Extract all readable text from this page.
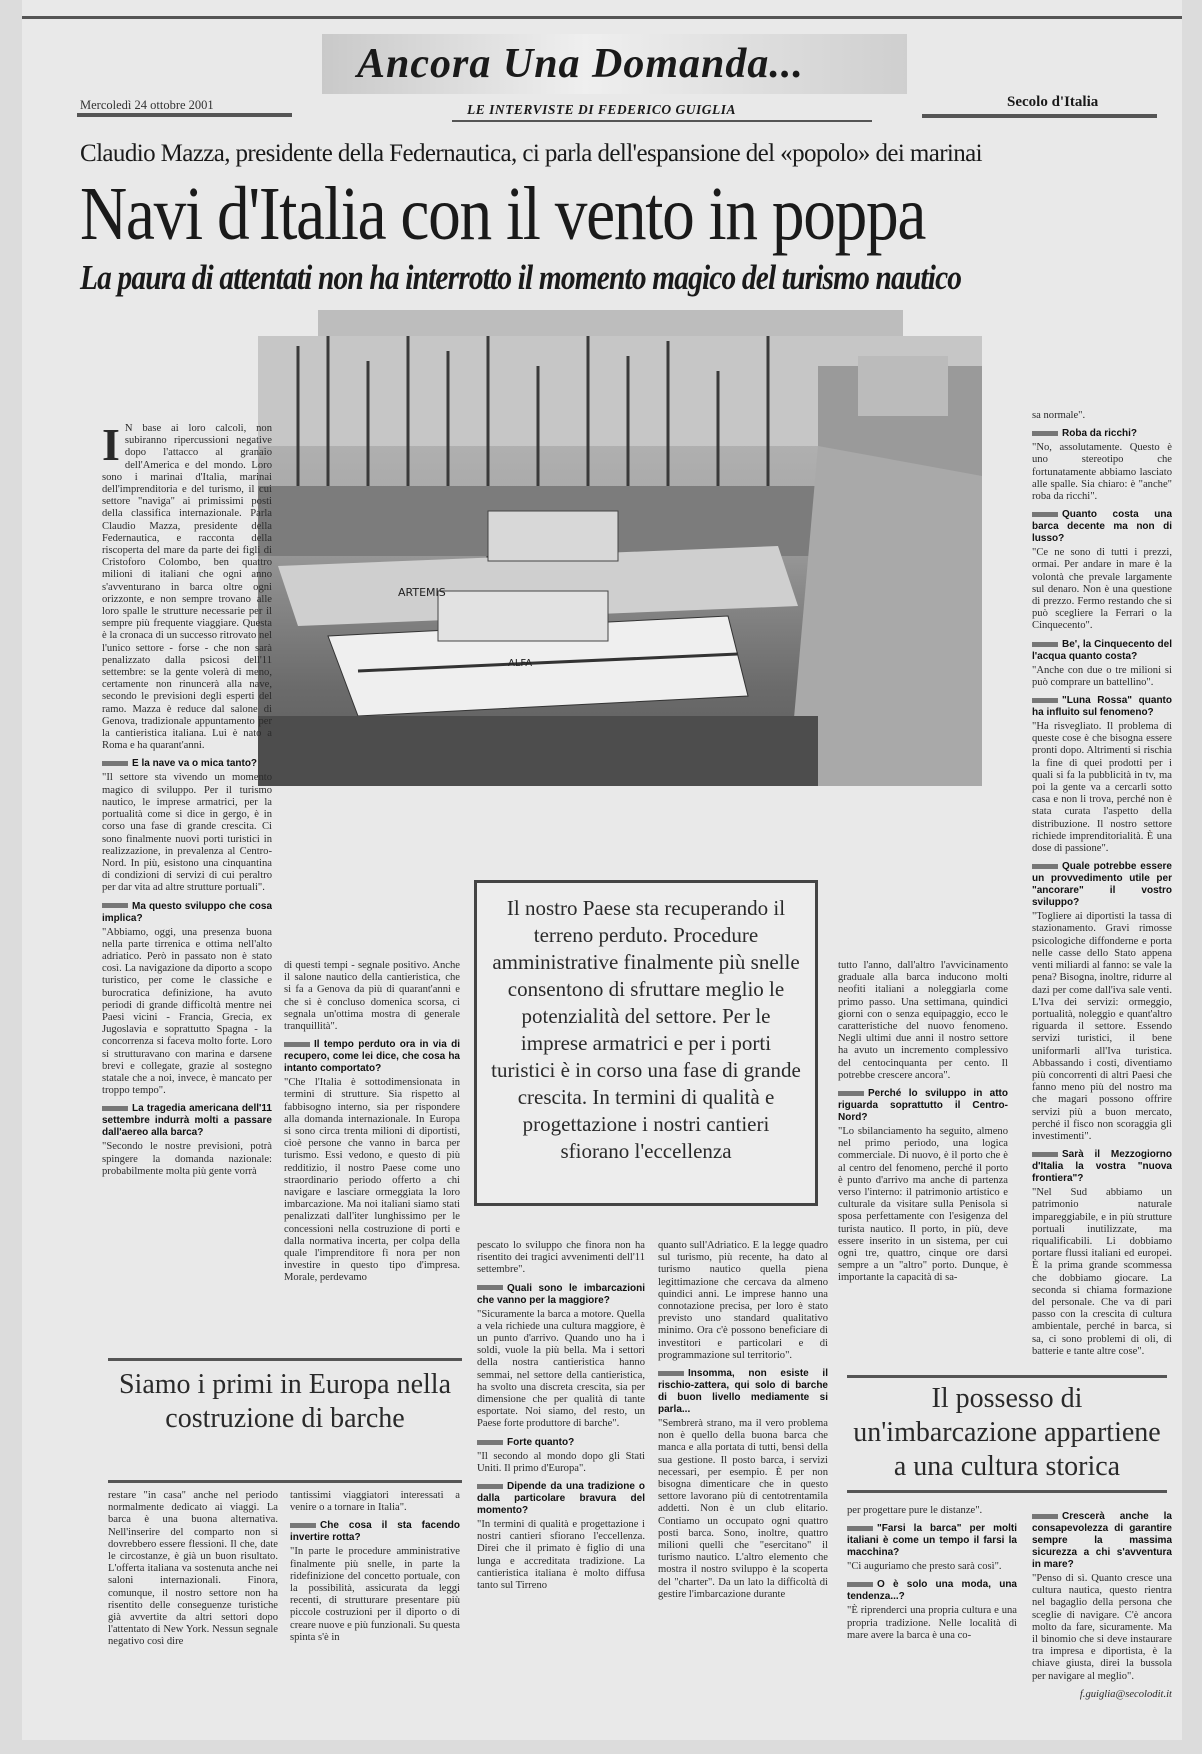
Mercoledì 24 ottobre 2001
Ancora Una Domanda...
LE INTERVISTE DI FEDERICO GUIGLIA	Secolo d'Italia
Claudio Mazza, presidente della Federnautica, ci parla dell'espansione del «popolo» dei marinai
Navi d'Italia con il vento in poppa
La paura di attentati non ha interrotto il momento magico del turismo nautico
ARTEMIS
ALFA
Il nostro Paese sta recuperando il terreno perduto. Procedure amministrative finalmente più snelle consentono di sfruttare meglio le potenzialità del settore. Per le imprese armatrici e per i porti turistici è in corso una fase di grande crescita. In termini di qualità e progettazione i nostri cantieri sfiorano l'eccellenza
Siamo i primi in Europa nella costruzione di barche
Il possesso di un'imbarcazione appartiene a una cultura storica

I N base ai loro calcoli, non subiranno ripercussioni negative dopo l'attacco al granaio dell'America e del mondo. Loro sono i marinai d'Italia, marinai dell'imprenditoria e del turismo, il cui settore "naviga" ai primissimi posti della classifica internazionale. Parla Claudio Mazza, presidente della Federnautica, e racconta della riscoperta del mare da parte dei figli di Cristoforo Colombo, ben quattro milioni di italiani che ogni anno s'avventurano in barca oltre ogni orizzonte, e non sempre trovano alle loro spalle le strutture necessarie per il sempre più frequente viaggiare. Questa è la cronaca di un successo ritrovato nel l'unico settore - forse - che non sarà penalizzato dalla psicosi dell'11 settembre: se la gente volerà di meno, certamente non rinuncerà alla nave, secondo le previsioni degli esperti del ramo. Mazza è reduce dal salone di Genova, tradizionale appuntamento per la cantieristica italiana. Lui è nato a Roma e ha quarant'anni.

E la nave va o mica tanto?

"Il settore sta vivendo un momento magico di sviluppo. Per il turismo nautico, le imprese armatrici, per la portualità come si dice in gergo, è in corso una fase di grande crescita. Ci sono finalmente nuovi porti turistici in realizzazione, in prevalenza al Centro-Nord. In più, esistono una cinquantina di condizioni di servizi di cui peraltro per dar vita ad altre strutture portuali".

Ma questo sviluppo che cosa implica?

"Abbiamo, oggi, una presenza buona nella parte tirrenica e ottima nell'alto adriatico. Però in passato non è stato così. La navigazione da diporto a scopo turistico, per come le classiche e burocratica definizione, ha avuto periodi di grande difficoltà mentre nei Paesi vicini - Francia, Grecia, ex Jugoslavia e soprattutto Spagna - la concorrenza si faceva molto forte. Loro si strutturavano con marina e darsene brevi e collegate, grazie al sostegno statale che a noi, invece, è mancato per troppo tempo".

La tragedia americana dell'11 settembre indurrà molti a passare dall'aereo alla barca?

"Secondo le nostre previsioni, potrà spingere la domanda nazionale: probabilmente molta più gente vorrà

restare "in casa" anche nel periodo normalmente dedicato ai viaggi. La barca è una buona alternativa. Nell'inserire del comparto non si dovrebbero essere flessioni. Il che, date le circostanze, è già un buon risultato. L'offerta italiana va sostenuta anche nei saloni internazionali. Finora, comunque, il nostro settore non ha risentito delle conseguenze turistiche già avvertite da altri settori dopo l'attentato di New York. Nessun segnale negativo così dire

di questi tempi - segnale positivo. Anche il salone nautico della cantieristica, che si fa a Genova da più di quarant'anni e che si è concluso domenica scorsa, ci segnala un'ottima mostra di generale tranquillità".

Il tempo perduto ora in via di recupero, come lei dice, che cosa ha intanto comportato?

"Che l'Italia è sottodimensionata in termini di strutture. Sia rispetto al fabbisogno interno, sia per rispondere alla domanda internazionale. In Europa si sono circa trenta milioni di diportisti, cioè persone che vanno in barca per turismo. Essi vedono, e questo di più redditizio, il nostro Paese come uno straordinario periodo offerto a chi navigare e lasciare ormeggiata la loro imbarcazione. Ma noi italiani siamo stati penalizzati dall'iter lunghissimo per le concessioni nella costruzione di porti e dalla normativa incerta, per colpa della quale l'imprenditore fi nora per non investire in questo tipo d'impresa. Morale, perdevamo

tantissimi viaggiatori interessati a venire o a tornare in Italia".

Che cosa il sta facendo invertire rotta?

"In parte le procedure amministrative finalmente più snelle, in parte la ridefinizione del concetto portuale, con la possibilità, assicurata da leggi recenti, di strutturare presentare più piccole costruzioni per il diporto o di creare nuove e più funzionali. Su questa spinta s'è in

pescato lo sviluppo che finora non ha risentito dei tragici avvenimenti dell'11 settembre".

Quali sono le imbarcazioni che vanno per la maggiore?

"Sicuramente la barca a motore. Quella a vela richiede una cultura maggiore, è un punto d'arrivo. Quando uno ha i soldi, vuole la più bella. Ma i settori della nostra cantieristica hanno semmai, nel settore della cantieristica, ha svolto una discreta crescita, sia per dimensione che per qualità di tante esportate. Noi siamo, del resto, un Paese forte produttore di barche".

Forte quanto?

"Il secondo al mondo dopo gli Stati Uniti. Il primo d'Europa".

Dipende da una tradizione o dalla particolare bravura del momento?

"In termini di qualità e progettazione i nostri cantieri sfiorano l'eccellenza. Direi che il primato è figlio di una lunga e accreditata tradizione. La cantieristica italiana è molto diffusa tanto sul Tirreno

quanto sull'Adriatico. E la legge quadro sul turismo, più recente, ha dato al turismo nautico quella piena legittimazione che cercava da almeno quindici anni. Le imprese hanno una connotazione precisa, per loro è stato previsto uno standard qualitativo minimo. Ora c'è possono beneficiare di investitori e particolari e di programmazione sul territorio".

Insomma, non esiste il rischio-zattera, qui solo di barche di buon livello mediamente si parla...

"Sembrerà strano, ma il vero problema non è quello della buona barca che manca e alla portata di tutti, bensì della sua gestione. Il posto barca, i servizi necessari, per esempio. È per non bisogna dimenticare che in questo settore lavorano più di centotrentamila addetti. Non è un club elitario. Contiamo un occupato ogni quattro posti barca. Sono, inoltre, quattro milioni quelli che "esercitano" il turismo nautico. L'altro elemento che mostra il nostro sviluppo è la scoperta del "charter". Da un lato la difficoltà di gestire l'imbarcazione durante

tutto l'anno, dall'altro l'avvicinamento graduale alla barca inducono molti neofiti italiani a noleggiarla come primo passo. Una settimana, quindici giorni con o senza equipaggio, ecco le caratteristiche del nuovo fenomeno. Negli ultimi due anni il nostro settore ha avuto un incremento complessivo del centocinquanta per cento. Il potrebbe crescere ancora".

Perché lo sviluppo in atto riguarda soprattutto il Centro-Nord?

"Lo sbilanciamento ha seguito, almeno nel primo periodo, una logica commerciale. Di nuovo, è il porto che è al centro del fenomeno, perché il porto è punto d'arrivo ma anche di partenza verso l'interno: il patrimonio artistico e culturale da visitare sulla Penisola si sposa perfettamente con l'esigenza del turista nautico. Il porto, in più, deve essere inserito in un sistema, per cui ogni tre, quattro, cinque ore darsi sempre a un "altro" porto. Dunque, è importante la capacità di sa-

per progettare pure le distanze".

"Farsi la barca" per molti italiani è come un tempo il farsi la macchina?

"Ci auguriamo che presto sarà così".

O è solo una moda, una tendenza...?

"È riprenderci una propria cultura e una propria tradizione. Nelle località di mare avere la barca è una co-

sa normale".

Roba da ricchi?

"No, assolutamente. Questo è uno stereotipo che fortunatamente abbiamo lasciato alle spalle. Sia chiaro: è "anche" roba da ricchi".

Quanto costa una barca decente ma non di lusso?

"Ce ne sono di tutti i prezzi, ormai. Per andare in mare è la volontà che prevale largamente sul denaro. Non è una questione di prezzo. Fermo restando che si può scegliere la Ferrari o la Cinquecento".

Be', la Cinquecento del l'acqua quanto costa?

"Anche con due o tre milioni si può comprare un battellino".

"Luna Rossa" quanto ha influito sul fenomeno?

"Ha risvegliato. Il problema di queste cose è che bisogna essere pronti dopo. Altrimenti si rischia la fine di quei prodotti per i quali si fa la pubblicità in tv, ma poi la gente va a cercarli sotto casa e non li trova, perché non è stata curata l'aspetto della distribuzione. Il nostro settore richiede imprenditorialità. È una dose di passione".

Quale potrebbe essere un provvedimento utile per "ancorare" il vostro sviluppo?

"Togliere ai diportisti la tassa di stazionamento. Gravi rimosse psicologiche diffonderne e porta nelle casse dello Stato appena venti miliardi al fanno: se vale la pena? Bisogna, inoltre, ridurre al dazi per come dall'iva sale venti. L'Iva dei servizi: ormeggio, portualità, noleggio e quant'altro riguarda il settore. Essendo servizi turistici, il bene uniformarli all'Iva turistica. Abbassando i costi, diventiamo più concorrenti di altri Paesi che fanno meno più del nostro ma che magari possono offrire servizi più a buon mercato, perché il fisco non scoraggia gli investimenti".

Sarà il Mezzogiorno d'Italia la vostra "nuova frontiera"?

"Nel Sud abbiamo un patrimonio naturale impareggiabile, e in più strutture portuali inutilizzate, ma riqualificabili. Li dobbiamo portare flussi italiani ed europei. È la prima grande scommessa che dobbiamo giocare. La seconda si chiama formazione del personale. Che va di pari passo con la crescita di cultura ambientale, perché in barca, si sa, ci sono problemi di oli, di batterie e tante altre cose".

Crescerà anche la consapevolezza di garantire sempre la massima sicurezza a chi s'avventura in mare?

"Penso di sì. Quanto cresce una cultura nautica, questo rientra nel bagaglio della persona che sceglie di navigare. C'è ancora molto da fare, sicuramente. Ma il binomio che si deve instaurare tra impresa e diportista, è la chiave giusta, direi la bussola per navigare al meglio".

f.guiglia@secolodit.it
